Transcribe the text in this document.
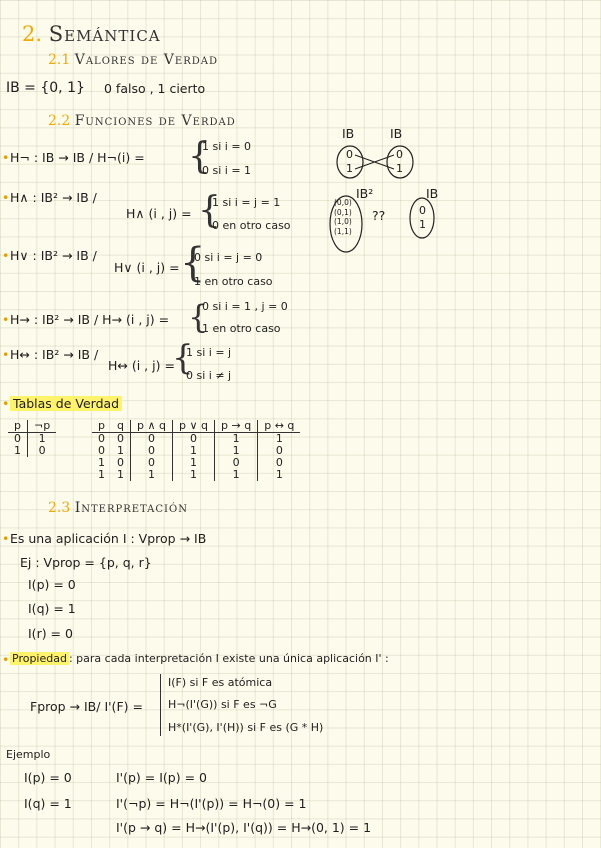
2. Semántica
2.1 Valores de Verdad
IB = {0, 1} 0 falso , 1 cierto
2.2 Funciones de Verdad
• H¬ : IB → IB / H¬(i) = {
1 si i = 0
0 si i = 1
• H∧ : IB² → IB /
H∧ (i , j) = {
1 si i = j = 1
0 en otro caso
• H∨ : IB² → IB /
H∨ (i , j) = {
0 si i = j = 0
1 en otro caso
• H→ : IB² → IB / H→ (i , j) = {
0 si i = 1 , j = 0
1 en otro caso
• H↔ : IB² → IB /
H↔ (i , j) =
{
1 si i = j
0 si i ≠ j
IB	IB
0
1
0
1
IB²	IB
(0,0)
(0,1)
(1,0)
(1,1)
??	0
1
• Tablas de Verdad
p	¬p
0	1
1	0
p	q	p ∧ q	p ∨ q	p → q	p ↔ q
0	0	0	0	1	1
0	1	0	1	1	0
1	0	0	1	0	0
1	1	1	1	1	1
2.3 Interpretación
• Es una aplicación I : Vprop → IB
Ej : Vprop = {p, q, r}
I(p) = 0
I(q) = 1
I(r) = 0
• Propiedad : para cada interpretación I existe una única aplicación I' :
Fprop → IB/ I'(F) =
I(F) si F es atómica
H¬(I'(G)) si F es ¬G
H*(I'(G), I'(H)) si F es (G * H)
Ejemplo
I(p) = 0
I(q) = 1
I'(p) = I(p) = 0
I'(¬p) = H¬(I'(p)) = H¬(0) = 1
I'(p → q) = H→(I'(p), I'(q)) = H→(0, 1) = 1
